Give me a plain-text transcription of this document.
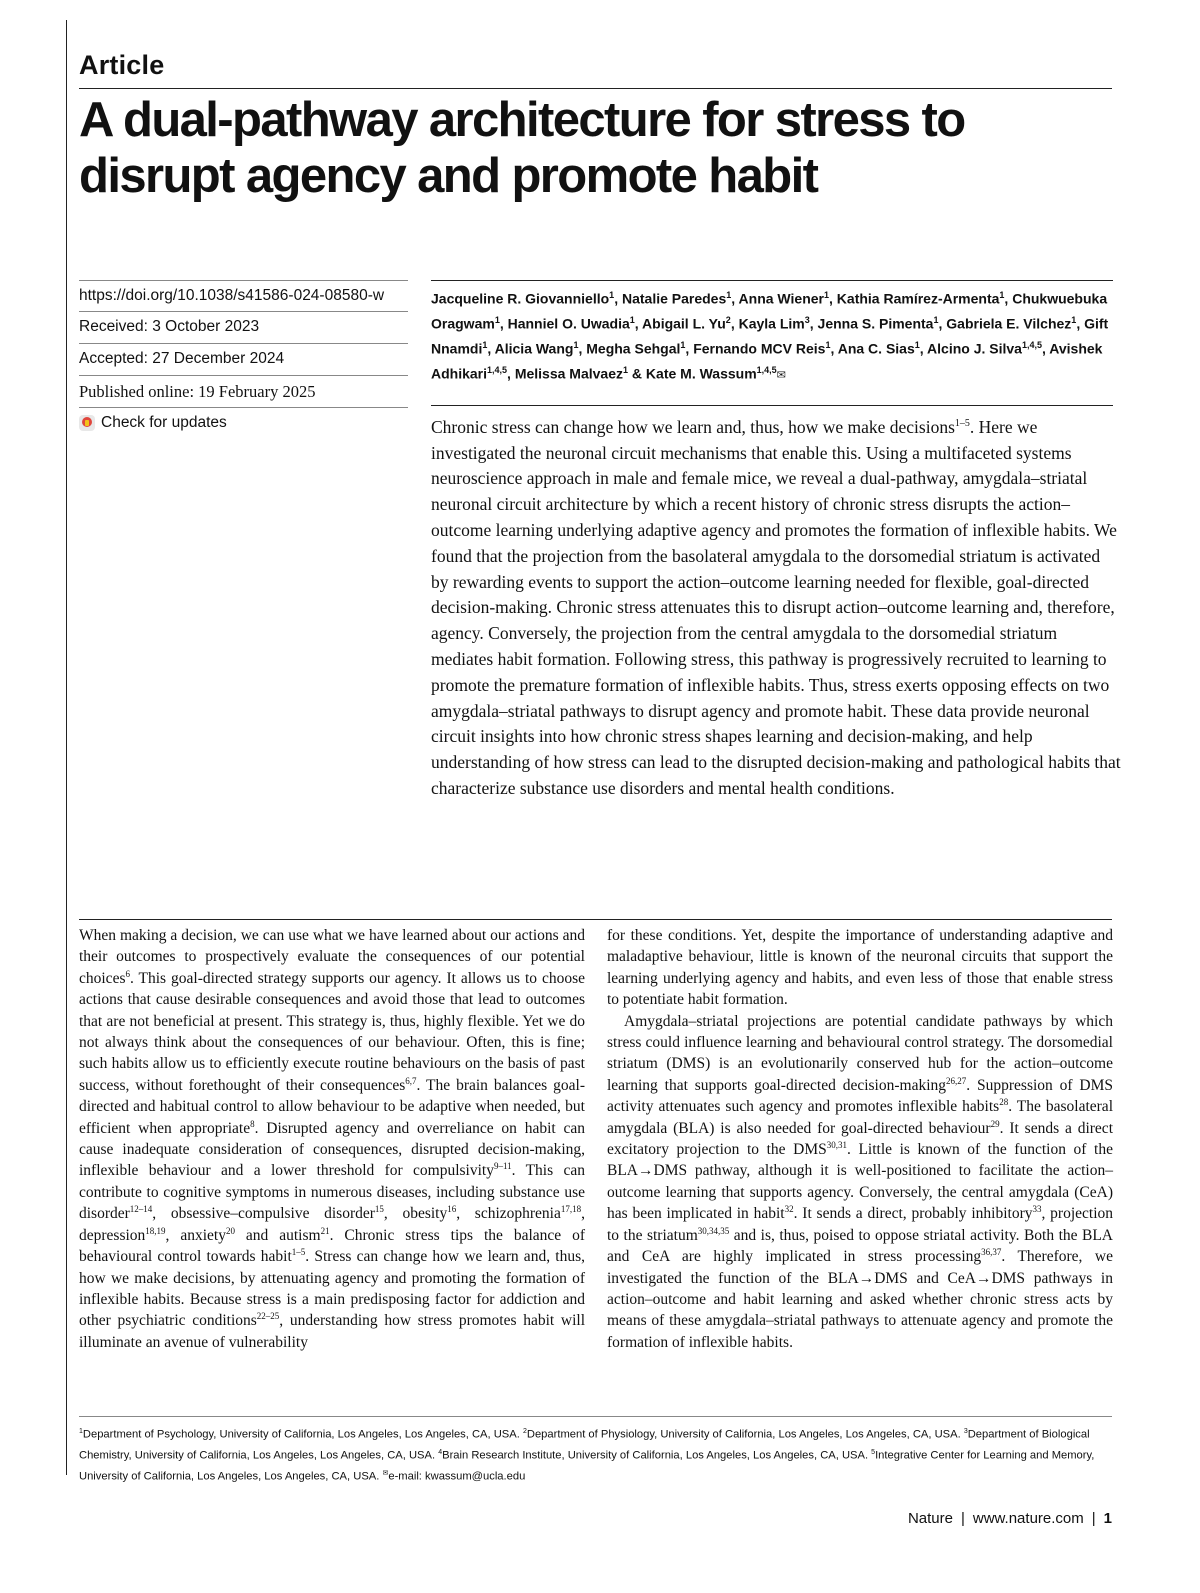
Article
A dual-pathway architecture for stress to disrupt agency and promote habit
https://doi.org/10.1038/s41586-024-08580-w
Received: 3 October 2023
Accepted: 27 December 2024
Published online: 19 February 2025
Check for updates
Jacqueline R. Giovanniello$^1$, Natalie Paredes$^1$, Anna Wiener$^1$, Kathia Ramírez-Armenta$^1$, Chukwuebuka Oragwam$^1$, Hanniel O. Uwadia$^1$, Abigail L. Yu$^2$, Kayla Lim$^3$, Jenna S. Pimenta$^1$, Gabriela E. Vilchez$^1$, Gift Nnamdi$^1$, Alicia Wang$^1$, Megha Sehgal$^1$, Fernando MCV Reis$^1$, Ana C. Sias$^1$, Alcino J. Silva$^{1,4,5}$, Avishek Adhikari$^{1,4,5}$, Melissa Malvaez$^1$ & Kate M. Wassum$^{1,4,5}$✉

Chronic stress can change how we learn and, thus, how we make decisions$^{1-5}$. Here we investigated the neuronal circuit mechanisms that enable this. Using a multifaceted systems neuroscience approach in male and female mice, we reveal a dual-pathway, amygdala–striatal neuronal circuit architecture by which a recent history of chronic stress disrupts the action–outcome learning underlying adaptive agency and promotes the formation of inflexible habits. We found that the projection from the basolateral amygdala to the dorsomedial striatum is activated by rewarding events to support the action–outcome learning needed for flexible, goal-directed decision-making. Chronic stress attenuates this to disrupt action–outcome learning and, therefore, agency. Conversely, the projection from the central amygdala to the dorsomedial striatum mediates habit formation. Following stress, this pathway is progressively recruited to learning to promote the premature formation of inflexible habits. Thus, stress exerts opposing effects on two amygdala–striatal pathways to disrupt agency and promote habit. These data provide neuronal circuit insights into how chronic stress shapes learning and decision-making, and help understanding of how stress can lead to the disrupted decision-making and pathological habits that characterize substance use disorders and mental health conditions.

When making a decision, we can use what we have learned about our actions and their outcomes to prospectively evaluate the consequences of our potential choices$^6$. This goal-directed strategy supports our agency. It allows us to choose actions that cause desirable consequences and avoid those that lead to outcomes that are not beneficial at present. This strategy is, thus, highly flexible. Yet we do not always think about the consequences of our behaviour. Often, this is fine; such habits allow us to efficiently execute routine behaviours on the basis of past success, without forethought of their consequences$^{6,7}$. The brain balances goal-directed and habitual control to allow behaviour to be adaptive when needed, but efficient when appropriate$^8$. Disrupted agency and overreliance on habit can cause inadequate consideration of consequences, disrupted decision-making, inflexible behaviour and a lower threshold for compulsivity$^{9-11}$. This can contribute to cognitive symptoms in numerous diseases, including substance use disorder$^{12-14}$, obsessive–compulsive disorder$^{15}$, obesity$^{16}$, schizophrenia$^{17,18}$, depression$^{18,19}$, anxiety$^{20}$ and autism$^{21}$. Chronic stress tips the balance of behavioural control towards habit$^{1-5}$. Stress can change how we learn and, thus, how we make decisions, by attenuating agency and promoting the formation of inflexible habits. Because stress is a main predisposing factor for addiction and other psychiatric conditions$^{22-25}$, understanding how stress promotes habit will illuminate an avenue of vulnerability

for these conditions. Yet, despite the importance of understanding adaptive and maladaptive behaviour, little is known of the neuronal circuits that support the learning underlying agency and habits, and even less of those that enable stress to potentiate habit formation.

Amygdala–striatal projections are potential candidate pathways by which stress could influence learning and behavioural control strategy. The dorsomedial striatum (DMS) is an evolutionarily conserved hub for the action–outcome learning that supports goal-directed decision-making$^{26,27}$. Suppression of DMS activity attenuates such agency and promotes inflexible habits$^{28}$. The basolateral amygdala (BLA) is also needed for goal-directed behaviour$^{29}$. It sends a direct excitatory projection to the DMS$^{30,31}$. Little is known of the function of the BLA→DMS pathway, although it is well-positioned to facilitate the action–outcome learning that supports agency. Conversely, the central amygdala (CeA) has been implicated in habit$^{32}$. It sends a direct, probably inhibitory$^{33}$, projection to the striatum$^{30,34,35}$ and is, thus, poised to oppose striatal activity. Both the BLA and CeA are highly implicated in stress processing$^{36,37}$. Therefore, we investigated the function of the BLA→DMS and CeA→DMS pathways in action–outcome and habit learning and asked whether chronic stress acts by means of these amygdala–striatal pathways to attenuate agency and promote the formation of inflexible habits.

$^1$Department of Psychology, University of California, Los Angeles, Los Angeles, CA, USA. $^2$Department of Physiology, University of California, Los Angeles, Los Angeles, CA, USA. $^3$Department of Biological Chemistry, University of California, Los Angeles, Los Angeles, CA, USA. $^4$Brain Research Institute, University of California, Los Angeles, Los Angeles, CA, USA. $^5$Integrative Center for Learning and Memory, University of California, Los Angeles, Los Angeles, CA, USA. ✉e-mail: kwassum@ucla.edu
Nature | www.nature.com | 1
